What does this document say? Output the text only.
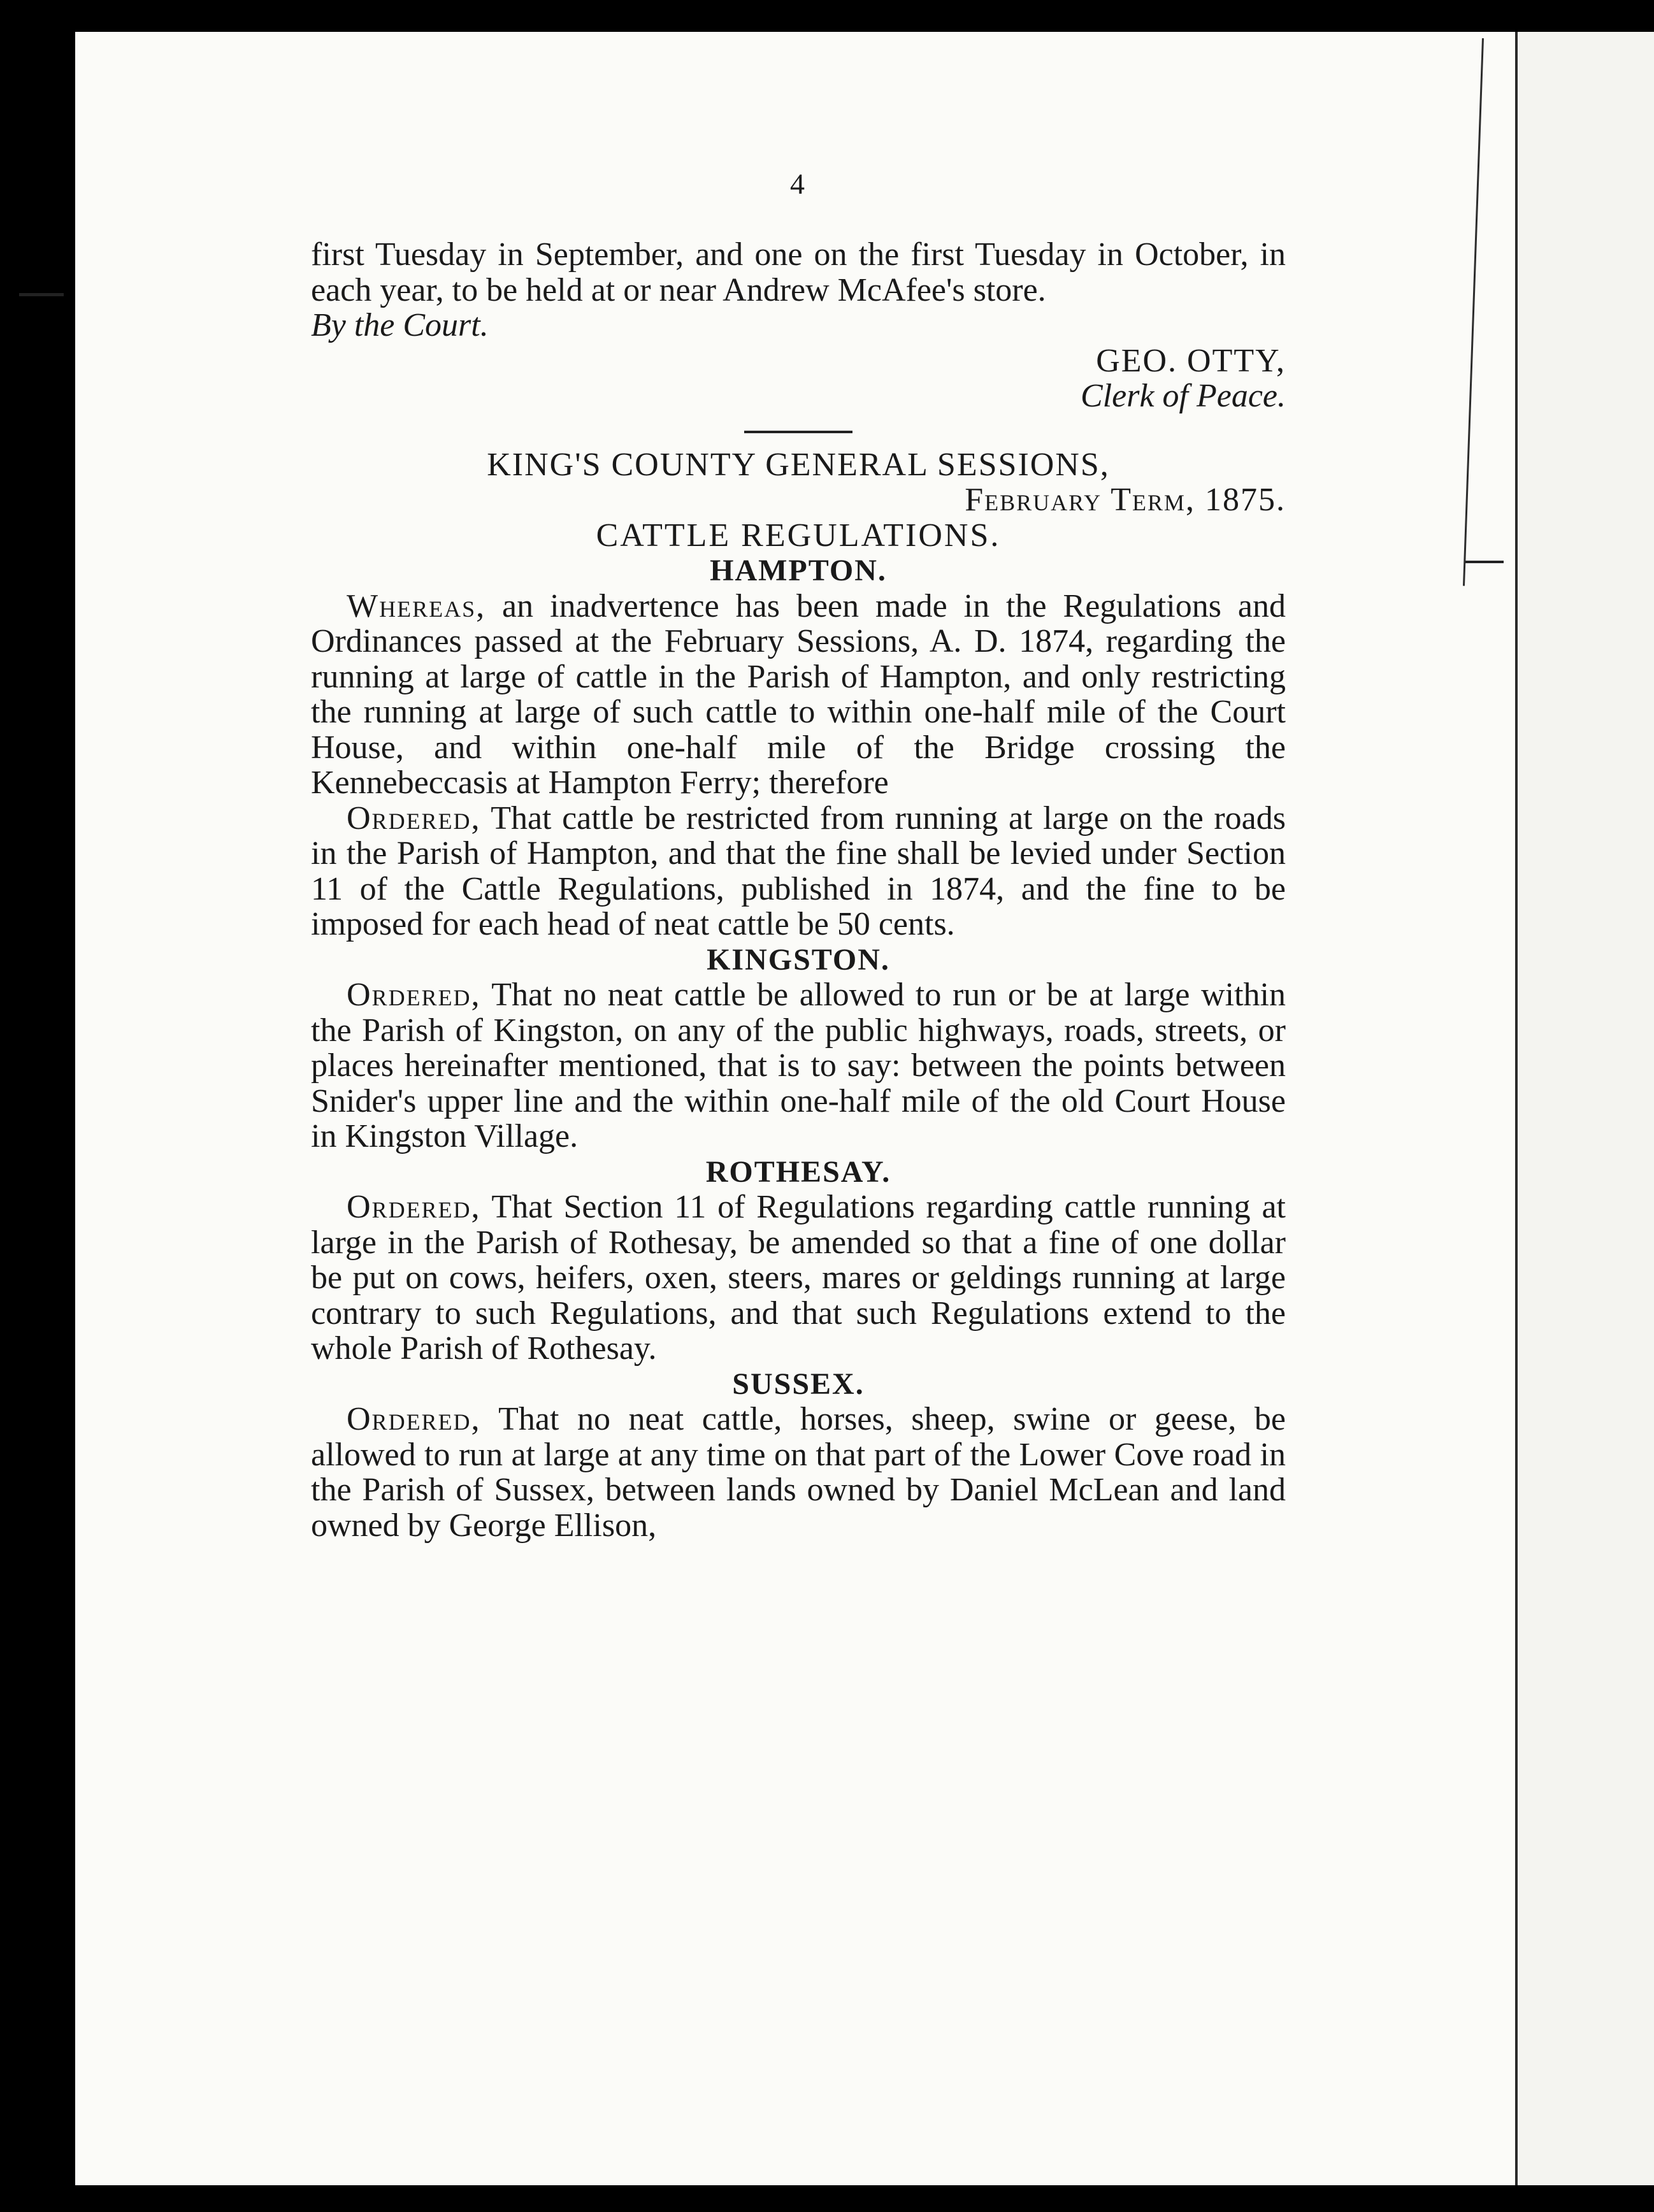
4

first Tuesday in September, and one on the first Tuesday in October, in each year, to be held at or near Andrew McAfee's store.

By the Court.

GEO. OTTY,

Clerk of Peace.

KING'S COUNTY GENERAL SESSIONS,

February Term, 1875.

CATTLE REGULATIONS.

HAMPTON.

Whereas, an inadvertence has been made in the Regulations and Ordinances passed at the February Sessions, A. D. 1874, regarding the running at large of cattle in the Parish of Hampton, and only restricting the running at large of such cattle to within one-half mile of the Court House, and within one-half mile of the Bridge crossing the Kennebeccasis at Hampton Ferry; therefore

Ordered, That cattle be restricted from running at large on the roads in the Parish of Hampton, and that the fine shall be levied under Section 11 of the Cattle Regulations, published in 1874, and the fine to be imposed for each head of neat cattle be 50 cents.

KINGSTON.

Ordered, That no neat cattle be allowed to run or be at large within the Parish of Kingston, on any of the public highways, roads, streets, or places hereinafter mentioned, that is to say: between the points between Snider's upper line and the within one-half mile of the old Court House in Kingston Village.

ROTHESAY.

Ordered, That Section 11 of Regulations regarding cattle running at large in the Parish of Rothesay, be amended so that a fine of one dollar be put on cows, heifers, oxen, steers, mares or geldings running at large contrary to such Regulations, and that such Regulations extend to the whole Parish of Rothesay.

SUSSEX.

Ordered, That no neat cattle, horses, sheep, swine or geese, be allowed to run at large at any time on that part of the Lower Cove road in the Parish of Sussex, between lands owned by Daniel McLean and land owned by George Ellison,
